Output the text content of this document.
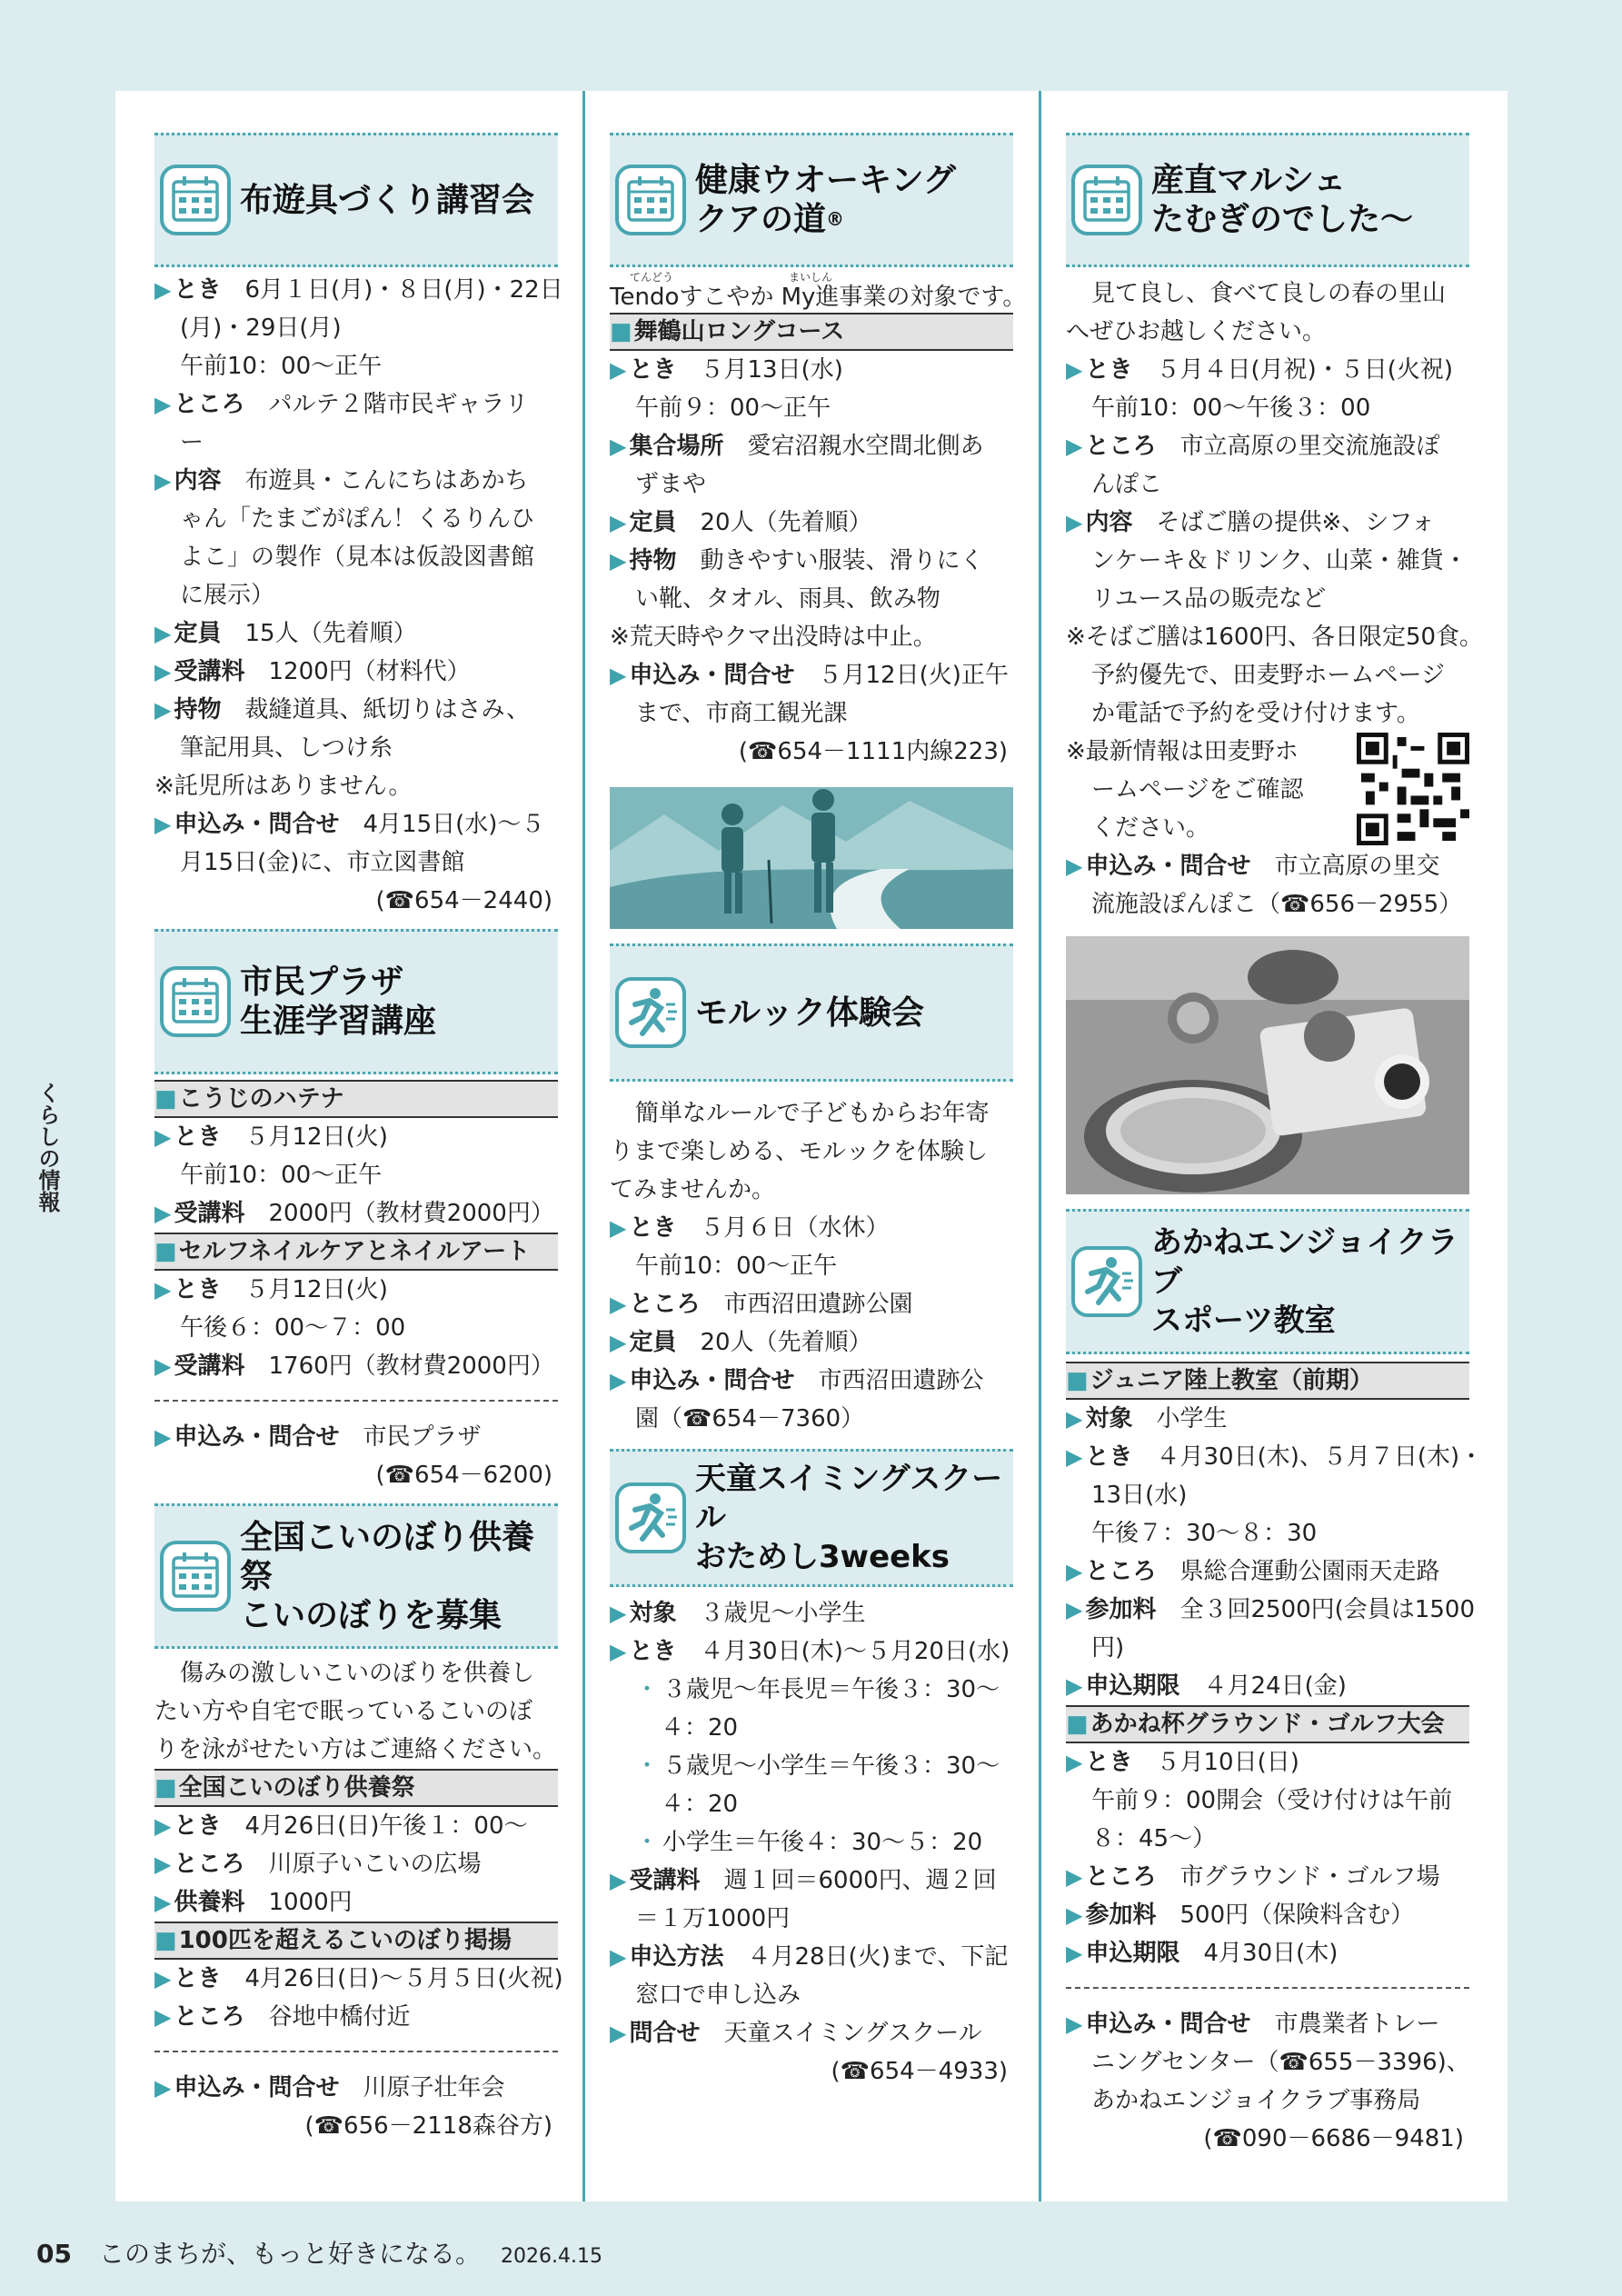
くらしの情報
布遊具づくり講習会
▶ とき　 6月１日(月)・８日(月)・22日
(月)・29日(月)
午前10：00～正午
▶ ところ　 パルテ２階市民ギャラリ
ー
▶ 内容　 布遊具・こんにちはあかち
ゃん「たまごがぽん！くるりんひ
よこ」の製作（見本は仮設図書館
に展示）
▶ 定員　 15人（先着順）
▶ 受講料　 1200円（材料代）
▶ 持物　 裁縫道具、紙切りはさみ、
筆記用具、しつけ糸
※託児所はありません。
▶ 申込み・問合せ　 4月15日(水)～５
月15日(金)に、市立図書館
(☎654－2440)
市民プラザ
生涯学習講座
■こうじのハテナ
▶ とき　 ５月12日(火)
午前10：00～正午
▶ 受講料　 2000円（教材費2000円）
■セルフネイルケアとネイルアート
▶ とき　 ５月12日(火)
午後６：00～７：00
▶ 受講料　 1760円（教材費2000円）
▶ 申込み・問合せ　 市民プラザ
(☎654－6200)
全国こいのぼり供養祭
こいのぼりを募集
傷みの激しいこいのぼりを供養し
たい方や自宅で眠っているこいのぼ
りを泳がせたい方はご連絡ください。
■全国こいのぼり供養祭
▶ とき　 4月26日(日)午後１：00～
▶ ところ　 川原子いこいの広場
▶ 供養料　 1000円
■100匹を超えるこいのぼり掲揚
▶ とき　 4月26日(日)～５月５日(火祝)
▶ ところ　 谷地中橋付近
▶ 申込み・問合せ　 川原子壮年会
(☎656－2118森谷方)
健康ウオーキング
クアの道®
てんどう	まいしん
Tendoすこやか My進事業の対象です。
■舞鶴山ロングコース
▶ とき　 ５月13日(水)
午前９：00～正午
▶ 集合場所　 愛宕沼親水空間北側あ
ずまや
▶ 定員　 20人（先着順）
▶ 持物　 動きやすい服装、滑りにく
い靴、タオル、雨具、飲み物
※荒天時やクマ出没時は中止。
▶ 申込み・問合せ　 ５月12日(火)正午
まで、市商工観光課
(☎654－1111内線223)
モルック体験会
簡単なルールで子どもからお年寄
りまで楽しめる、モルックを体験し
てみませんか。
▶ とき　 ５月６日（水休）
午前10：00～正午
▶ ところ　 市西沼田遺跡公園
▶ 定員　 20人（先着順）
▶ 申込み・問合せ　 市西沼田遺跡公
園（☎654－7360）
天童スイミングスクール
おためし3weeks
▶ 対象　 ３歳児～小学生
▶ とき　 ４月30日(木)～５月20日(水)
・ ３歳児～年長児＝午後３：30～
４：20
・ ５歳児～小学生＝午後３：30～
４：20
・ 小学生＝午後４：30～５：20
▶ 受講料　 週１回＝6000円、週２回
＝１万1000円
▶ 申込方法　 ４月28日(火)まで、下記
窓口で申し込み
▶ 問合せ　 天童スイミングスクール
(☎654－4933)
産直マルシェ
たむぎのでした～
見て良し、食べて良しの春の里山
へぜひお越しください。
▶ とき　 ５月４日(月祝)・５日(火祝)
午前10：00～午後３：00
▶ ところ　 市立高原の里交流施設ぽ
んぽこ
▶ 内容　 そばご膳の提供※、シフォ
ンケーキ＆ドリンク、山菜・雑貨・
リユース品の販売など
※そばご膳は1600円、各日限定50食。
予約優先で、田麦野ホームページ
か電話で予約を受け付けます。
※最新情報は田麦野ホ
ームページをご確認
ください。
▶ 申込み・問合せ　 市立高原の里交
流施設ぽんぽこ（☎656－2955）
あかねエンジョイクラブ
スポーツ教室
■ジュニア陸上教室（前期）
▶ 対象　 小学生
▶ とき　 ４月30日(木)、５月７日(木)・
13日(水)
午後７：30～８：30
▶ ところ　 県総合運動公園雨天走路
▶ 参加料　 全３回2500円(会員は1500
円)
▶ 申込期限　 ４月24日(金)
■あかね杯グラウンド・ゴルフ大会
▶ とき　 ５月10日(日)
午前９：00開会（受け付けは午前
８：45～）
▶ ところ　 市グラウンド・ゴルフ場
▶ 参加料　 500円（保険料含む）
▶ 申込期限　 4月30日(木)
▶ 申込み・問合せ　 市農業者トレー
ニングセンター（☎655－3396)、
あかねエンジョイクラブ事務局
(☎090－6686－9481)
05 このまちが、もっと好きになる。 2026.4.15
